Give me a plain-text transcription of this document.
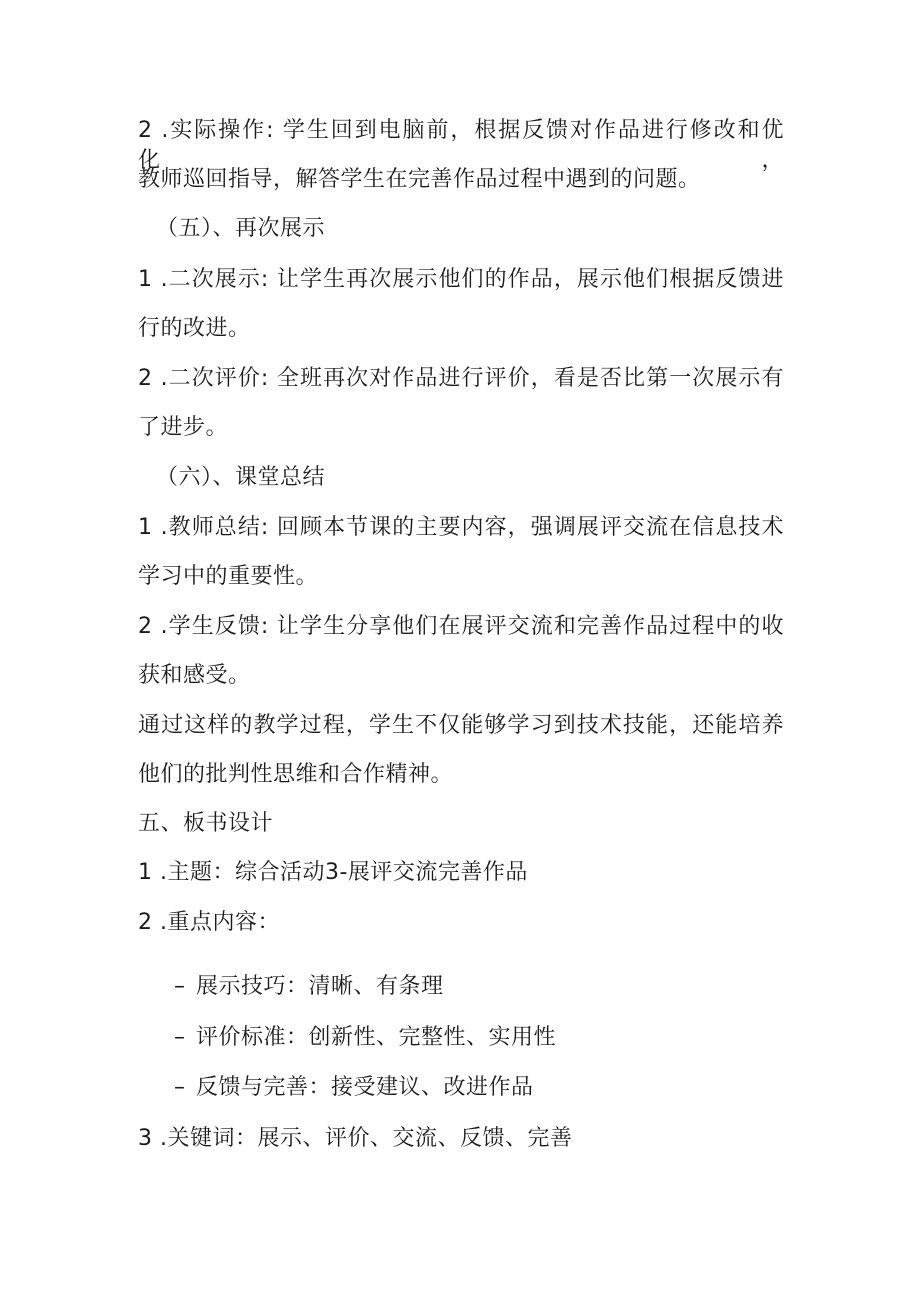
2 .实际操作: 学生回到电脑前，根据反馈对作品进行修改和优化，
教师巡回指导，解答学生在完善作品过程中遇到的问题。
（五）、再次展示
1 .二次展示: 让学生再次展示他们的作品，展示他们根据反馈进
行的改进。
2 .二次评价: 全班再次对作品进行评价，看是否比第一次展示有
了进步。
（六）、课堂总结
1 .教师总结: 回顾本节课的主要内容，强调展评交流在信息技术
学习中的重要性。
2 .学生反馈: 让学生分享他们在展评交流和完善作品过程中的收
获和感受。
通过这样的教学过程，学生不仅能够学习到技术技能，还能培养
他们的批判性思维和合作精神。
五、板书设计
1 .主题：综合活动3-展评交流完善作品
2 .重点内容：
– 展示技巧：清晰、有条理
– 评价标准：创新性、完整性、实用性
– 反馈与完善：接受建议、改进作品
3 .关键词：展示、评价、交流、反馈、完善
